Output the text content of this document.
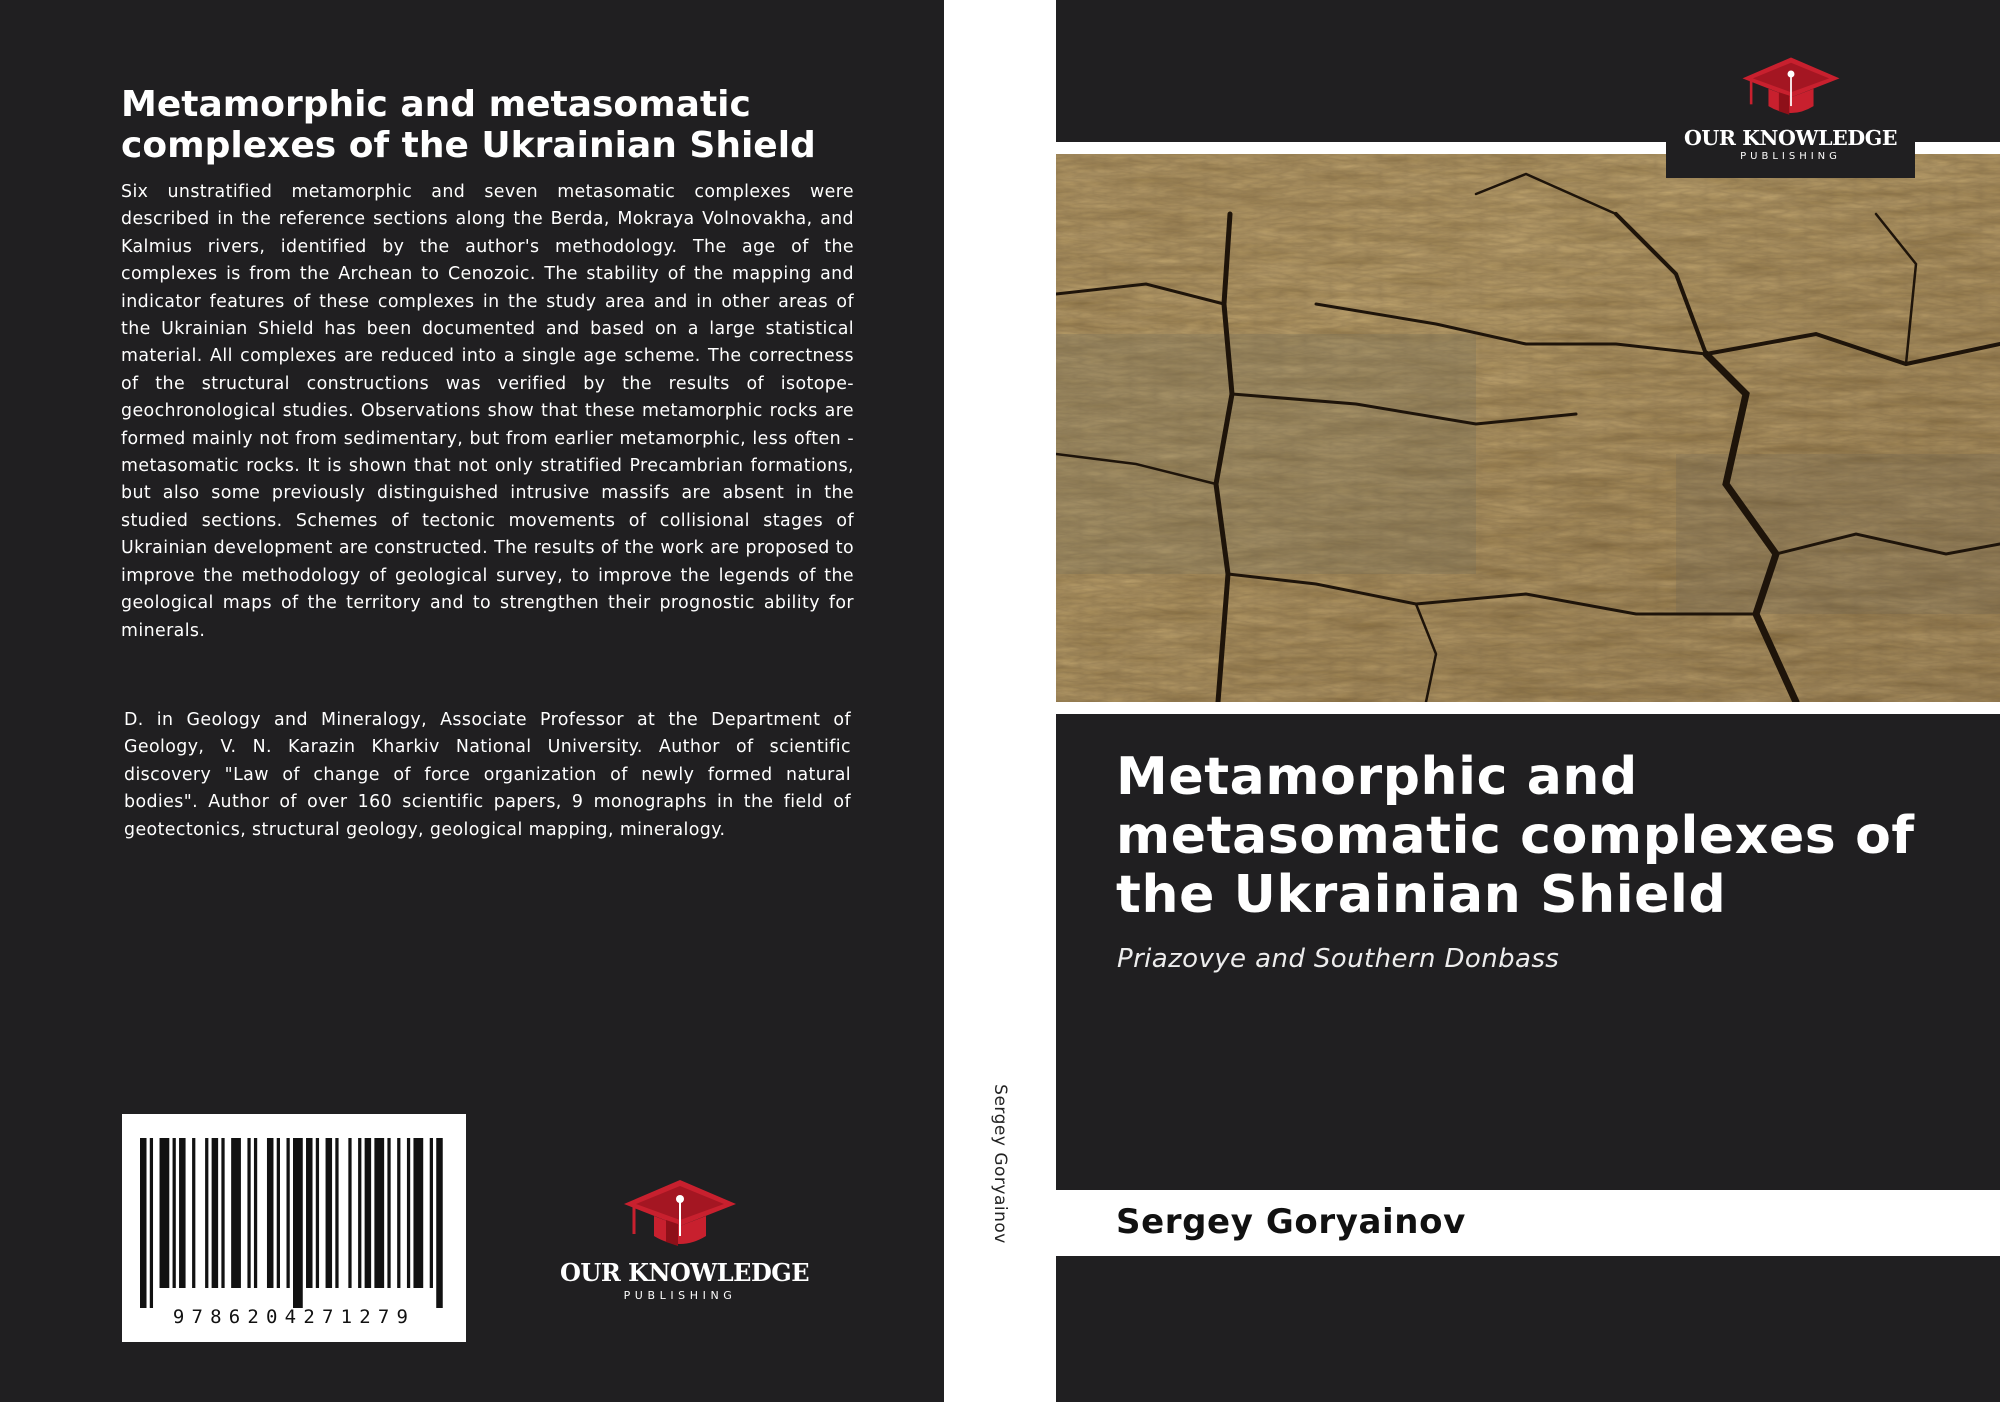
Metamorphic and metasomatic complexes of the Ukrainian Shield

Six unstratified metamorphic and seven metasomatic complexes were described in the reference sections along the Berda, Mokraya Volnovakha, and Kalmius rivers, identified by the author's methodology. The age of the complexes is from the Archean to Cenozoic. The stability of the mapping and indicator features of these complexes in the study area and in other areas of the Ukrainian Shield has been documented and based on a large statistical material. All complexes are reduced into a single age scheme. The correctness of the structural constructions was verified by the results of isotope-geochronological studies. Observations show that these metamorphic rocks are formed mainly not from sedimentary, but from earlier metamorphic, less often - metasomatic rocks. It is shown that not only stratified Precambrian formations, but also some previously distinguished intrusive massifs are absent in the studied sections. Schemes of tectonic movements of collisional stages of Ukrainian development are constructed. The results of the work are proposed to improve the methodology of geological survey, to improve the legends of the geological maps of the territory and to strengthen their prognostic ability for minerals.

D. in Geology and Mineralogy, Associate Professor at the Department of Geology, V. N. Karazin Kharkiv National University. Author of scientific discovery "Law of change of force organization of newly formed natural bodies". Author of over 160 scientific papers, 9 monographs in the field of geotectonics, structural geology, geological mapping, mineralogy.

9786204271279
OUR KNOWLEDGE
PUBLISHING
Sergey Goryainov
OUR KNOWLEDGE
PUBLISHING
Metamorphic and metasomatic complexes of the Ukrainian Shield

Priazovye and Southern Donbass

Sergey Goryainov
